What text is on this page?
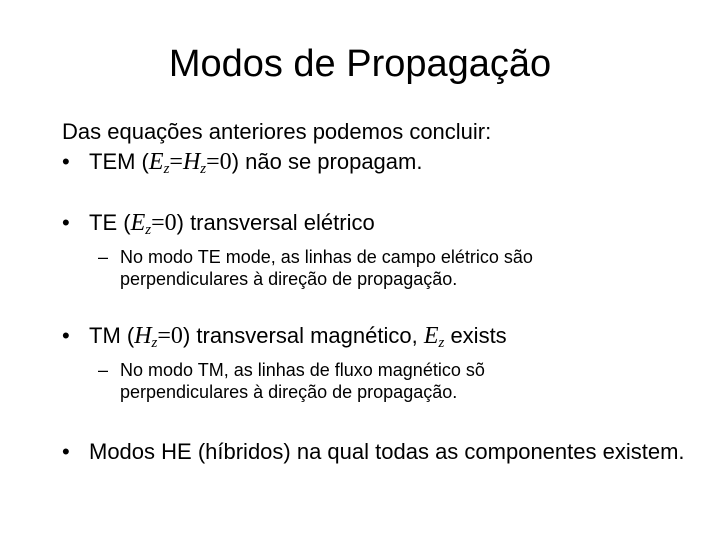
Modos de Propagação
Das equações anteriores podemos concluir:
• TEM $(E_z=H_z=0)$ não se propagam.
• TE $(E_z=0)$ transversal elétrico
– No modo TE mode, as linhas de campo elétrico são perpendiculares à direção de propagação.
• TM $(H_z=0)$ transversal magnético, $E_z$ exists
– No modo TM, as linhas de fluxo magnético sõ perpendiculares à direção de propagação.
• Modos HE (híbridos) na qual todas as componentes existem.
